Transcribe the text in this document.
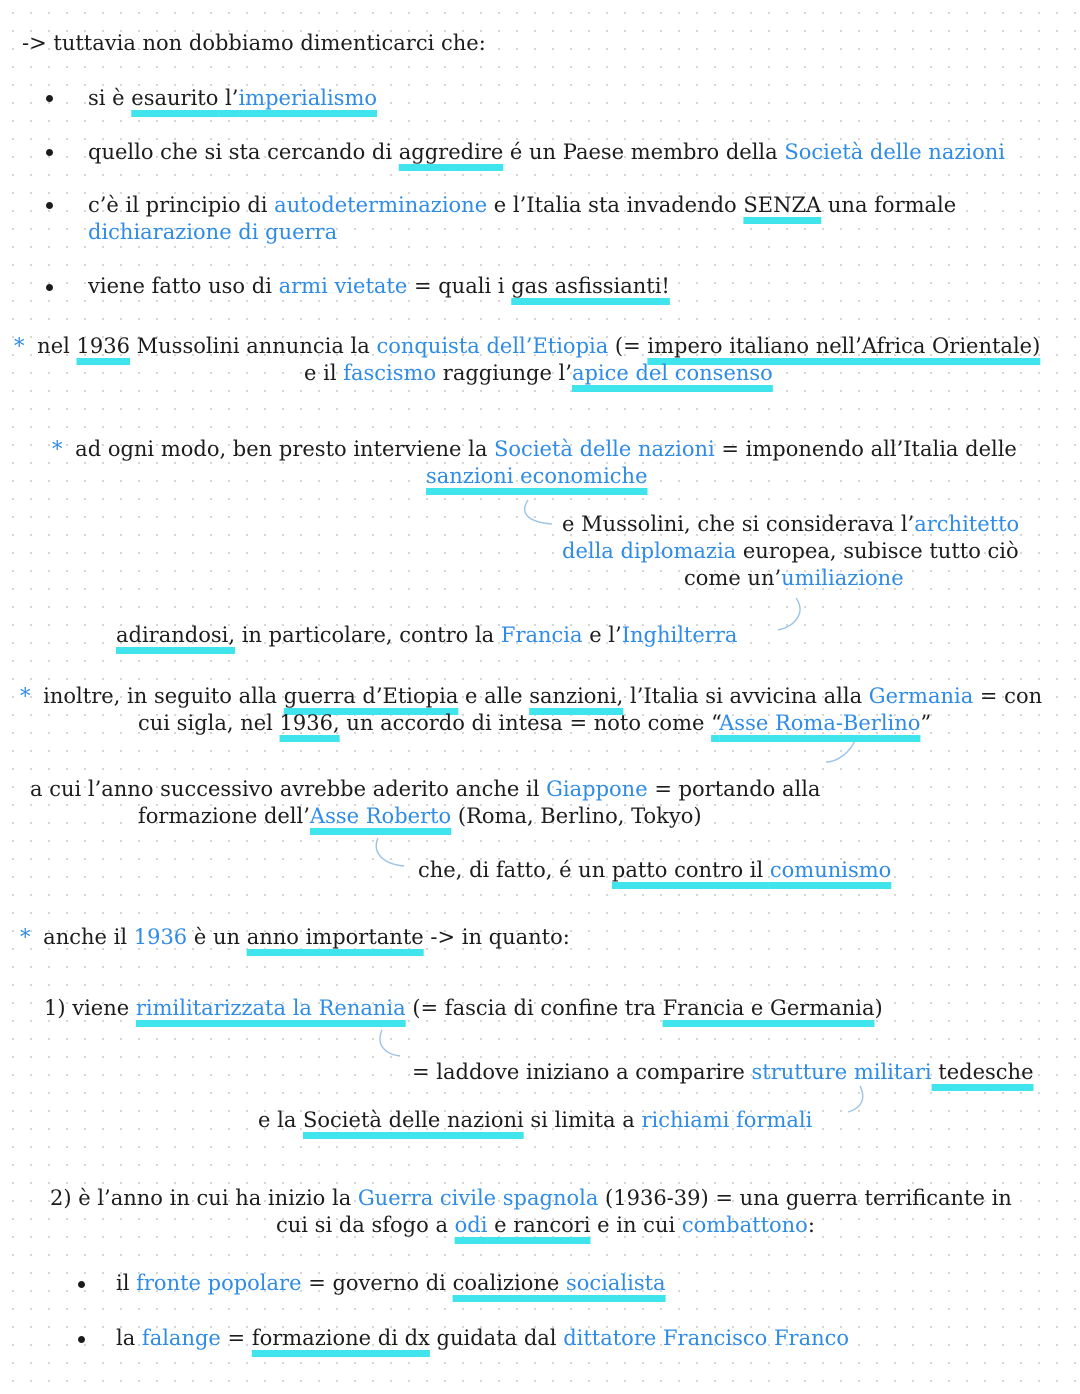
-> tuttavia non dobbiamo dimenticarci che:
si è esaurito l’imperialismo
quello che si sta cercando di aggredire é un Paese membro della Società delle nazioni
c’è il principio di autodeterminazione e l’Italia sta invadendo SENZA una formale
dichiarazione di guerra
viene fatto uso di armi vietate = quali i gas asfissianti!
* nel 1936 Mussolini annuncia la conquista dell’Etiopia (= impero italiano nell’Africa Orientale)
e il fascismo raggiunge l’apice del consenso
* ad ogni modo, ben presto interviene la Società delle nazioni = imponendo all’Italia delle
sanzioni economiche
e Mussolini, che si considerava l’architetto
della diplomazia europea, subisce tutto ciò
come un’umiliazione
adirandosi, in particolare, contro la Francia e l’Inghilterra
* inoltre, in seguito alla guerra d’Etiopia e alle sanzioni, l’Italia si avvicina alla Germania = con
cui sigla, nel 1936, un accordo di intesa = noto come “Asse Roma-Berlino”
a cui l’anno successivo avrebbe aderito anche il Giappone = portando alla
formazione dell’Asse Roberto (Roma, Berlino, Tokyo)
che, di fatto, é un patto contro il comunismo
* anche il 1936 è un anno importante -> in quanto:
1) viene rimilitarizzata la Renania (= fascia di confine tra Francia e Germania)
= laddove iniziano a comparire strutture militari tedesche
e la Società delle nazioni si limita a richiami formali
2) è l’anno in cui ha inizio la Guerra civile spagnola (1936-39) = una guerra terrificante in
cui si da sfogo a odi e rancori e in cui combattono:
il fronte popolare = governo di coalizione socialista
la falange = formazione di dx guidata dal dittatore Francisco Franco
